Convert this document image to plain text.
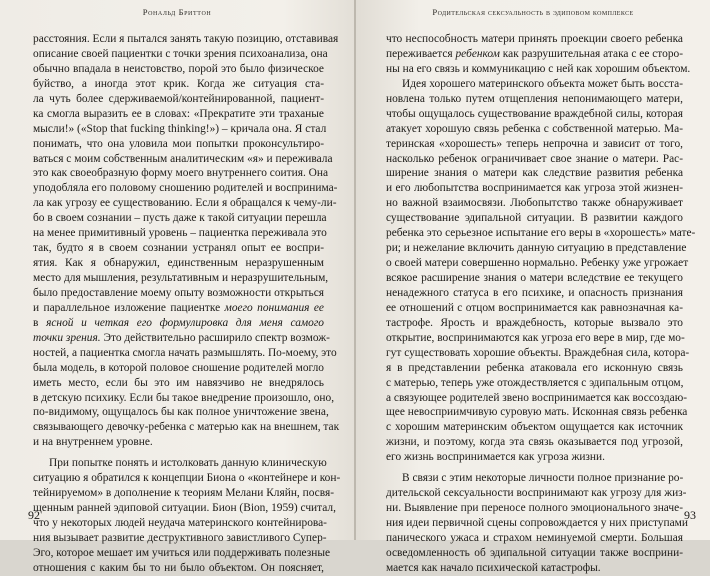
Рональд Бриттон
расстояния. Если я пытался занять такую позицию, отставивая
описание своей пациентки с точки зрения психоанализа, она
обычно впадала в неистовство, порой это было физическое
буйство, а иногда этот крик. Когда же ситуация ста-
ла чуть более сдерживаемой/контейнированной, пациент-
ка смогла выразить ее в словах: «Прекратите эти траханые
мысли!» («Stop that fucking thinking!») – кричала она. Я стал
понимать, что она уловила мои попытки проконсультиро-
ваться с моим собственным аналитическим «я» и переживала
это как своеобразную форму моего внутреннего соития. Она
уподобляла его половому сношению родителей и воспринима-
ла как угрозу ее существованию. Если я обращался к чему-ли-
бо в своем сознании – пусть даже к такой ситуации перешла
на менее примитивный уровень – пациентка переживала это
так, будто я в своем сознании устранял опыт ее воспри-
ятия. Как я обнаружил, единственным неразрушенным
место для мышления, результативным и неразрушительным,
было предоставление моему опыту возможности открыться
и параллельное изложение пациентке моего понимания ее
в ясной и четкая его формулировка для меня самого
точки зрения. Это действительно расширило спектр возмож-
ностей, а пациентка смогла начать размышлять. По-моему, это
была модель, в которой половое сношение родителей могло
иметь место, если бы это им навязчиво не внедрялось
в детскую психику. Если бы такое внедрение произошло, оно,
по-видимому, ощущалось бы как полное уничтожение звена,
связывающего девочку-ребенка с матерью как на внешнем, так
и на внутреннем уровне.
При попытке понять и истолковать данную клиническую
ситуацию я обратился к концепции Биона о «контейнере и кон-
тейнируемом» в дополнение к теориям Мелани Кляйн, посвя-
щенным ранней эдиповой ситуации. Бион (Bion, 1959) считал,
что у некоторых людей неудача материнского контейнирова-
ния вызывает развитие деструктивного завистливого Супер-
Эго, которое мешает им учиться или поддерживать полезные
отношения с каким бы то ни было объектом. Он поясняет,
92
Родительская сексуальность в эдиповом комплексе
что неспособность матери принять проекции своего ребенка
переживается ребенком как разрушительная атака с ее сторо-
ны на его связь и коммуникацию с ней как хорошим объектом.
Идея хорошего материнского объекта может быть восста-
новлена только путем отщепления непонимающего матери,
чтобы ощущалось существование враждебной силы, которая
атакует хорошую связь ребенка с собственной матерью. Ма-
теринская «хорошесть» теперь непрочна и зависит от того,
насколько ребенок ограничивает свое знание о матери. Рас-
ширение знания о матери как следствие развития ребенка
и его любопытства воспринимается как угроза этой жизнен-
но важной взаимосвязи. Любопытство также обнаруживает
существование эдипальной ситуации. В развитии каждого
ребенка это серьезное испытание его веры в «хорошесть» мате-
ри; и нежелание включить данную ситуацию в представление
о своей матери совершенно нормально. Ребенку уже угрожает
всякое расширение знания о матери вследствие ее текущего
ненадежного статуса в его психике, и опасность признания
ее отношений с отцом воспринимается как равнозначная ка-
тастрофе. Ярость и враждебность, которые вызвало это
открытие, воспринимаются как угроза его вере в мир, где мо-
гут существовать хорошие объекты. Враждебная сила, котора-
я в представлении ребенка атаковала его исконную связь
с матерью, теперь уже отождествляется с эдипальным отцом,
а связующее родителей звено воспринимается как воссоздаю-
щее невосприимчивую суровую мать. Исконная связь ребенка
с хорошим материнским объектом ощущается как источник
жизни, и поэтому, когда эта связь оказывается под угрозой,
его жизнь воспринимается как угроза жизни.
В связи с этим некоторые личности полное признание ро-
дительской сексуальности воспринимают как угрозу для жиз-
ни. Выявление при переносе полного эмоционального значе-
ния идеи первичной сцены сопровождается у них приступами
панического ужаса и страхом неминуемой смерти. Большая
осведомленность об эдипальной ситуации также восприни-
мается как начало психической катастрофы.
93
